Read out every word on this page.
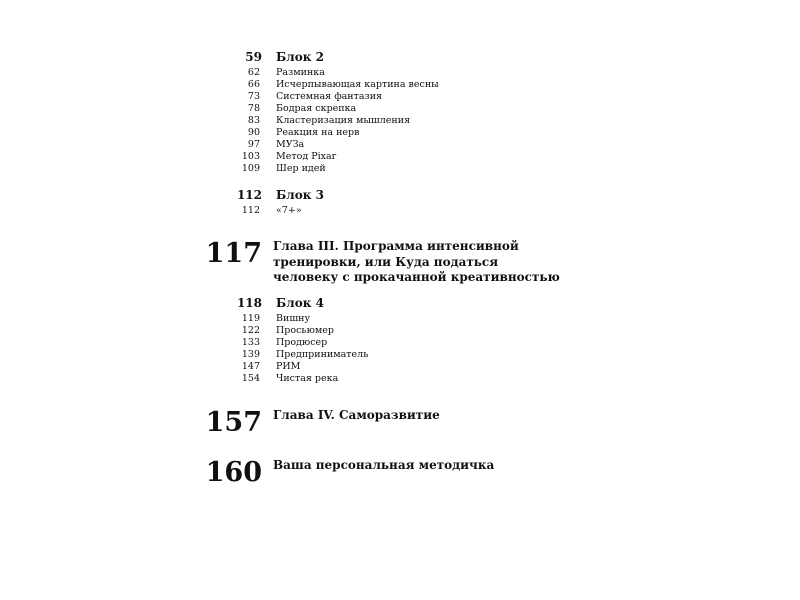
59 Блок 2
62 Разминка
66 Исчерпывающая картина весны
73 Системная фантазия
78 Бодрая скрепка
83 Кластеризация мышления
90 Реакция на нерв
97 МУЗа
103 Метод Pixar
109 Шер идей
112 Блок 3
112 «7+»
117 Глава III. Программа интенсивной
тренировки, или Куда податься
человеку с прокачанной креативностью
118 Блок 4
119 Вишну
122 Просьюмер
133 Продюсер
139 Предприниматель
147 РИМ
154 Чистая река
157 Глава IV. Саморазвитие
160 Ваша персональная методичка
